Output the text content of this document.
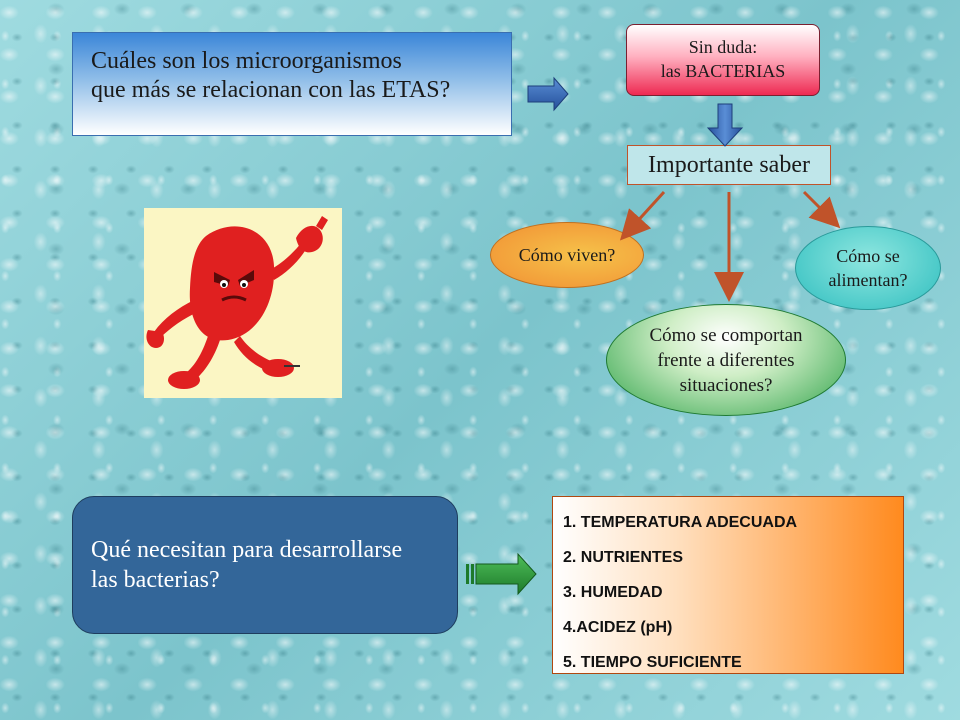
Cuáles son los microorganismos
que más se relacionan con las ETAS?
Sin duda:
las BACTERIAS
Importante saber
Cómo viven?	Cómo se
alimentan?
Cómo se comportan
frente a diferentes
situaciones?
Qué necesitan para desarrollarse
las bacterias?
1. TEMPERATURA ADECUADA
2. NUTRIENTES
3. HUMEDAD
4.ACIDEZ (pH)
5. TIEMPO SUFICIENTE
